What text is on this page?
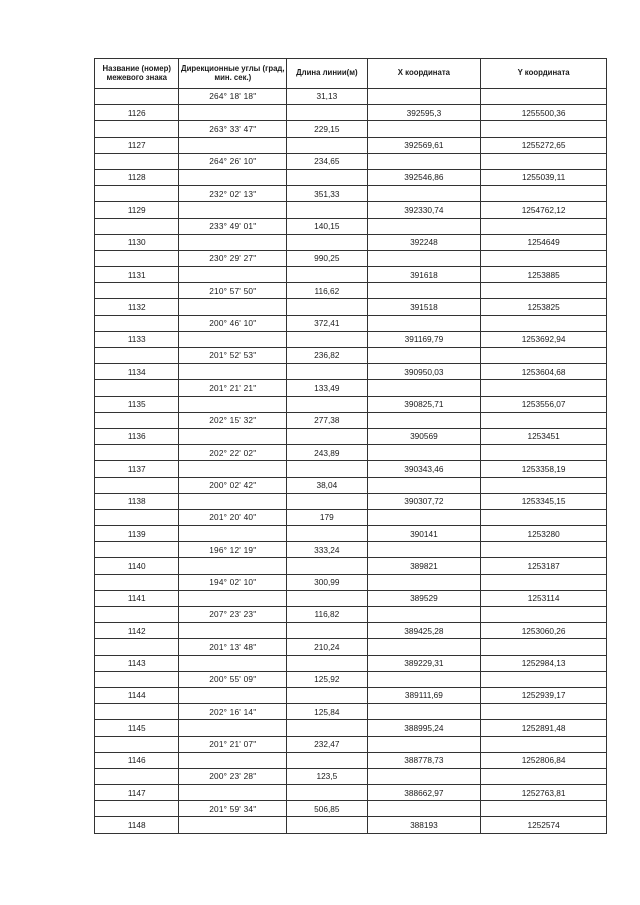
Название (номер) межевого знака	Дирекционные углы (град, мин. сек.)	Длина линии(м)	X координата	Y координата
	264° 18' 18"	31,13		
1126			392595,3	1255500,36
	263° 33' 47"	229,15		
1127			392569,61	1255272,65
	264° 26' 10"	234,65		
1128			392546,86	1255039,11
	232° 02' 13"	351,33		
1129			392330,74	1254762,12
	233° 49' 01"	140,15		
1130			392248	1254649
	230° 29' 27"	990,25		
1131			391618	1253885
	210° 57' 50"	116,62		
1132			391518	1253825
	200° 46' 10"	372,41		
1133			391169,79	1253692,94
	201° 52' 53"	236,82		
1134			390950,03	1253604,68
	201° 21' 21"	133,49		
1135			390825,71	1253556,07
	202° 15' 32"	277,38		
1136			390569	1253451
	202° 22' 02"	243,89		
1137			390343,46	1253358,19
	200° 02' 42"	38,04		
1138			390307,72	1253345,15
	201° 20' 40"	179		
1139			390141	1253280
	196° 12' 19"	333,24		
1140			389821	1253187
	194° 02' 10"	300,99		
1141			389529	1253114
	207° 23' 23"	116,82		
1142			389425,28	1253060,26
	201° 13' 48"	210,24		
1143			389229,31	1252984,13
	200° 55' 09"	125,92		
1144			389111,69	1252939,17
	202° 16' 14"	125,84		
1145			388995,24	1252891,48
	201° 21' 07"	232,47		
1146			388778,73	1252806,84
	200° 23' 28"	123,5		
1147			388662,97	1252763,81
	201° 59' 34"	506,85		
1148			388193	1252574
